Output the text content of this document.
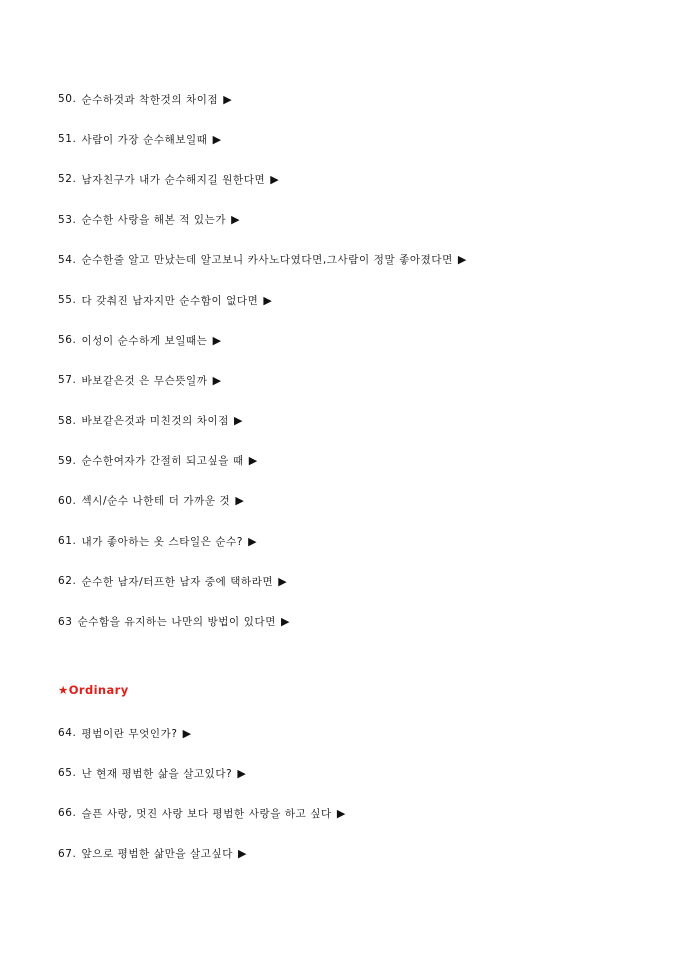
50. 순수하것과 착한것의 차이점 ▶
51. 사람이 가장 순수해보일때 ▶
52. 남자친구가 내가 순수해지길 원한다면 ▶
53. 순수한 사랑을 해본 적 있는가 ▶
54. 순수한줄 알고 만났는데 알고보니 카사노다였다면,그사람이 정말 좋아졌다면 ▶
55. 다 갖춰진 남자지만 순수함이 없다면 ▶
56. 이성이 순수하게 보일때는 ▶
57. 바보같은것 은 무슨뜻일까 ▶
58. 바보같은것과 미친것의 차이점 ▶
59. 순수한여자가 간절히 되고싶을 때 ▶
60. 섹시/순수 나한테 더 가까운 것 ▶
61. 내가 좋아하는 옷 스타일은 순수? ▶
62. 순수한 남자/터프한 남자 중에 택하라면 ▶
63 순수함을 유지하는 나만의 방법이 있다면 ▶
★Ordinary
64. 평범이란 무엇인가? ▶
65. 난 현재 평범한 삶을 살고있다? ▶
66. 슬픈 사랑, 멋진 사랑 보다 평범한 사랑을 하고 싶다 ▶
67. 앞으로 평범한 삶만을 살고싶다 ▶
